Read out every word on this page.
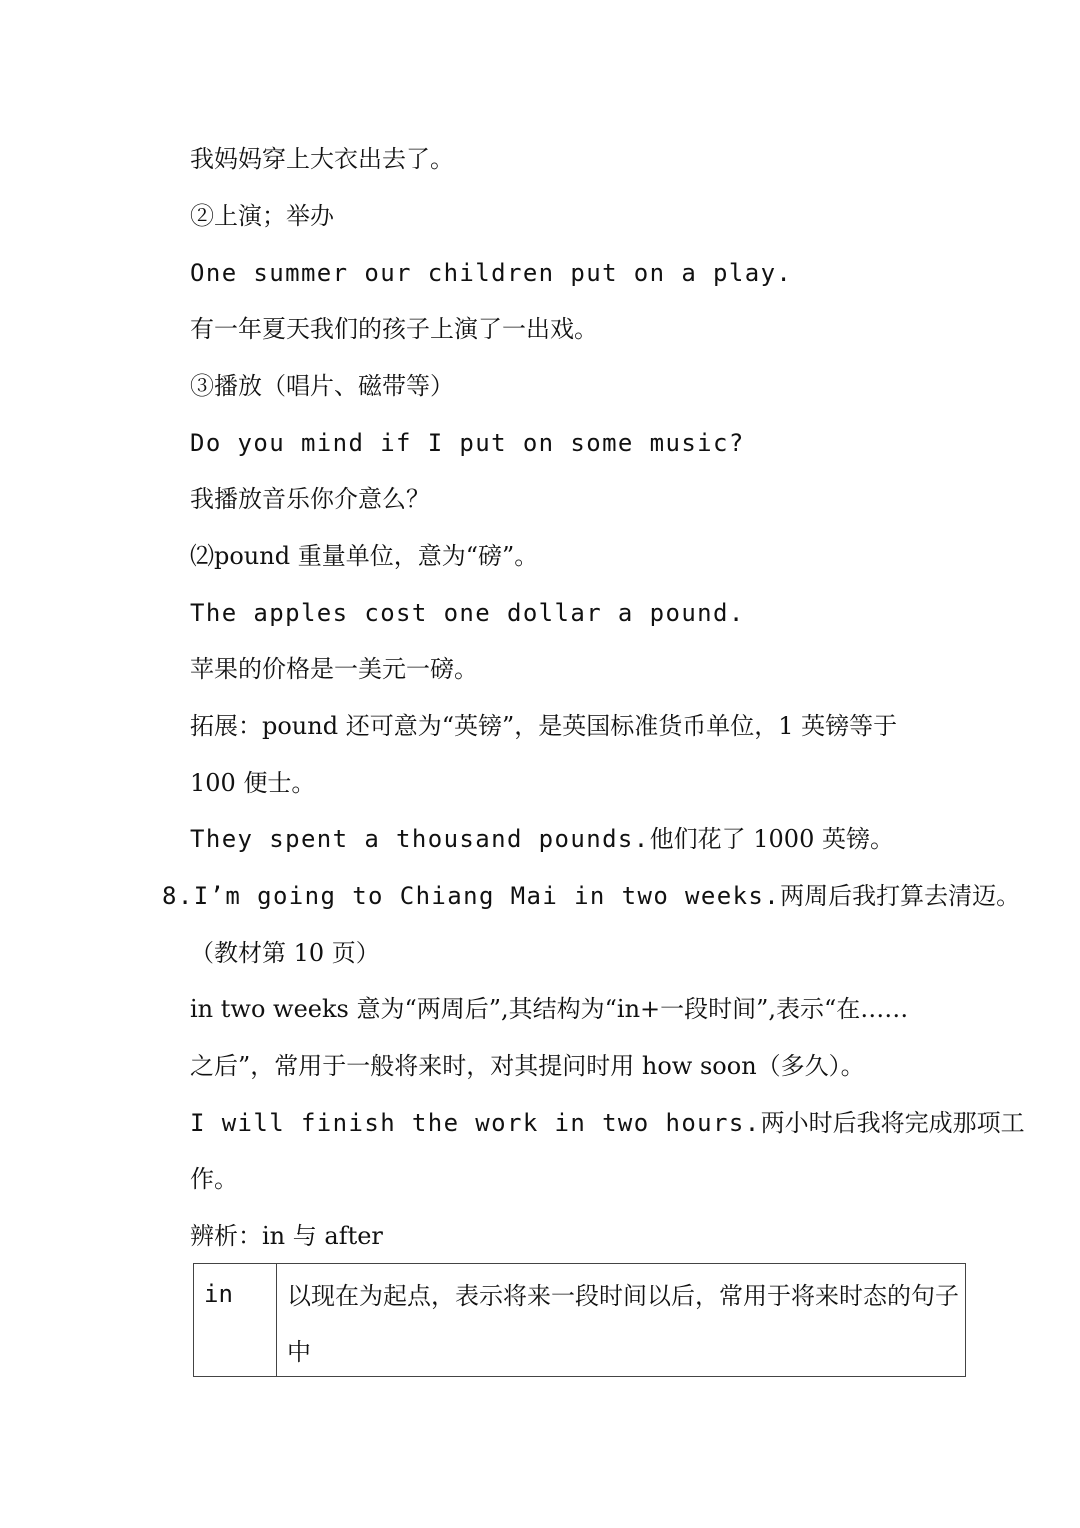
我妈妈穿上大衣出去了。
②上演；举办
One summer our children put on a play.
有一年夏天我们的孩子上演了一出戏。
③播放（唱片、磁带等）
Do you mind if I put on some music?
我播放音乐你介意么？
⑵pound 重量单位，意为“磅”。
The apples cost one dollar a pound.
苹果的价格是一美元一磅。
拓展：pound 还可意为“英镑”，是英国标准货币单位，1 英镑等于
100 便士。
They spent a thousand pounds.他们花了 1000 英镑。
8.I’m going to Chiang Mai in two weeks.两周后我打算去清迈。
（教材第 10 页）
in two weeks 意为“两周后”,其结构为“in+一段时间”,表示“在……
之后”，常用于一般将来时，对其提问时用 how soon（多久）。
I will finish the work in two hours.两小时后我将完成那项工
作。
辨析：in 与 after
in	以现在为起点，表示将来一段时间以后，常用于将来时态的句子中
